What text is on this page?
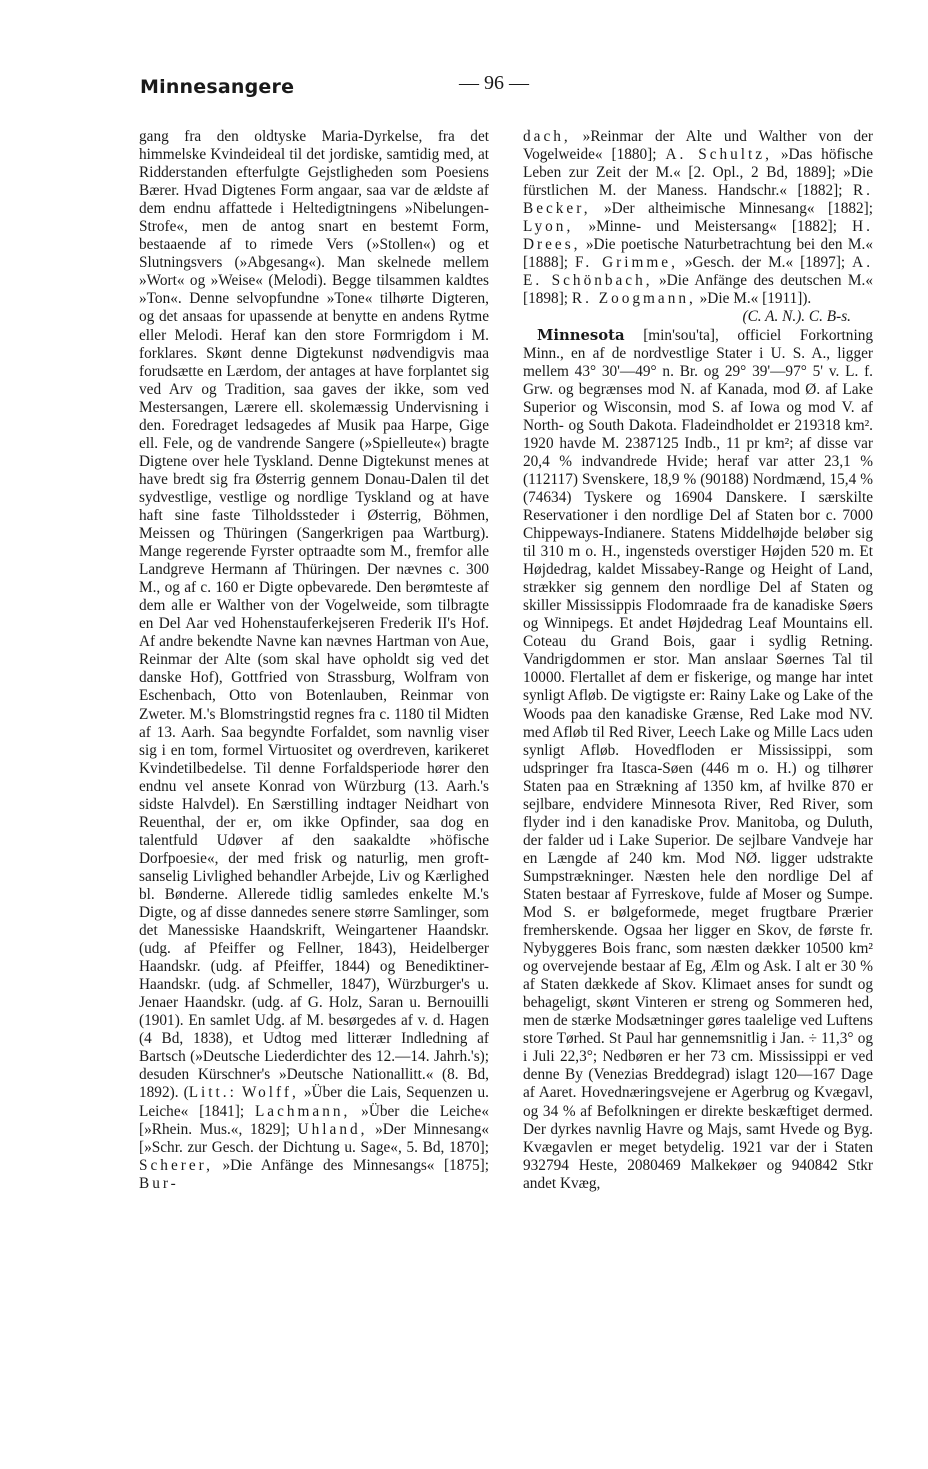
Minnesangere	— 96 —

gang fra den oldtyske Maria-Dyrkelse, fra det himmelske Kvindeideal til det jordiske, samtidig med, at Ridderstanden efterfulgte Gejstligheden som Poesiens Bærer. Hvad Digtenes Form angaar, saa var de ældste af dem endnu affattede i Heltedigtningens »Nibelungen-Strofe«, men de antog snart en bestemt Form, bestaaende af to rimede Vers (»Stollen«) og et Slutningsvers (»Abgesang«). Man skelnede mellem »Wort« og »Weise« (Melodi). Begge tilsammen kaldtes »Ton«. Denne selvopfundne »Tone« tilhørte Digteren, og det ansaas for upassende at benytte en andens Rytme eller Melodi. Heraf kan den store Formrigdom i M. forklares. Skønt denne Digtekunst nødvendigvis maa forudsætte en Lærdom, der antages at have forplantet sig ved Arv og Tradition, saa gaves der ikke, som ved Mestersangen, Lærere ell. skolemæssig Undervisning i den. Foredraget ledsagedes af Musik paa Harpe, Gige ell. Fele, og de vandrende Sangere (»Spielleute«) bragte Digtene over hele Tyskland. Denne Digtekunst menes at have bredt sig fra Østerrig gennem Donau-Dalen til det sydvestlige, vestlige og nordlige Tyskland og at have haft sine faste Tilholdssteder i Østerrig, Böhmen, Meissen og Thüringen (Sangerkrigen paa Wartburg). Mange regerende Fyrster optraadte som M., fremfor alle Landgreve Hermann af Thüringen. Der nævnes c. 300 M., og af c. 160 er Digte opbevarede. Den berømteste af dem alle er Walther von der Vogelweide, som tilbragte en Del Aar ved Hohenstauferkejseren Frederik II's Hof. Af andre bekendte Navne kan nævnes Hartman von Aue, Reinmar der Alte (som skal have opholdt sig ved det danske Hof), Gottfried von Strassburg, Wolfram von Eschenbach, Otto von Botenlauben, Reinmar von Zweter. M.'s Blomstringstid regnes fra c. 1180 til Midten af 13. Aarh. Saa begyndte Forfaldet, som navnlig viser sig i en tom, formel Virtuositet og overdreven, karikeret Kvindetilbedelse. Til denne Forfaldsperiode hører den endnu vel ansete Konrad von Würzburg (13. Aarh.'s sidste Halvdel). En Særstilling indtager Neidhart von Reuenthal, der er, om ikke Opfinder, saa dog en talentfuld Udøver af den saakaldte »höfische Dorfpoesie«, der med frisk og naturlig, men groft-sanselig Livlighed behandler Arbejde, Liv og Kærlighed bl. Bønderne. Allerede tidlig samledes enkelte M.'s Digte, og af disse dannedes senere større Samlinger, som det Manessiske Haandskrift, Weingartener Haandskr. (udg. af Pfeiffer og Fellner, 1843), Heidelberger Haandskr. (udg. af Pfeiffer, 1844) og Benediktiner-Haandskr. (udg. af Schmeller, 1847), Würzburger's u. Jenaer Haandskr. (udg. af G. Holz, Saran u. Bernouilli (1901). En samlet Udg. af M. besørgedes af v. d. Hagen (4 Bd, 1838), et Udtog med litterær Indledning af Bartsch (»Deutsche Liederdichter des 12.—14. Jahrh.'s); desuden Kürschner's »Deutsche Nationallitt.« (8. Bd, 1892). (Litt.: Wolff, »Über die Lais, Sequenzen u. Leiche« [1841]; Lachmann, »Über die Leiche« [»Rhein. Mus.«, 1829]; Uhland, »Der Minnesang« [»Schr. zur Gesch. der Dichtung u. Sage«, 5. Bd, 1870]; Scherer, »Die Anfänge des Minnesangs« [1875]; Bur-

dach, »Reinmar der Alte und Walther von der Vogelweide« [1880]; A. Schultz, »Das höfische Leben zur Zeit der M.« [2. Opl., 2 Bd, 1889]; »Die fürstlichen M. der Maness. Handschr.« [1882]; R. Becker, »Der altheimische Minnesang« [1882]; Lyon, »Minne- und Meistersang« [1882]; H. Drees, »Die poetische Naturbetrachtung bei den M.« [1888]; F. Grimme, »Gesch. der M.« [1897]; A. E. Schönbach, »Die Anfänge des deutschen M.« [1898]; R. Zoogmann, »Die M.« [1911]).

(C. A. N.). C. B-s.

Minnesota [min'sou'ta], officiel Forkortning Minn., en af de nordvestlige Stater i U. S. A., ligger mellem 43° 30'—49° n. Br. og 29° 39'—97° 5' v. L. f. Grw. og begrænses mod N. af Kanada, mod Ø. af Lake Superior og Wisconsin, mod S. af Iowa og mod V. af North- og South Dakota. Fladeindholdet er 219318 km². 1920 havde M. 2387125 Indb., 11 pr km²; af disse var 20,4 % indvandrede Hvide; heraf var atter 23,1 % (112117) Svenskere, 18,9 % (90188) Nordmænd, 15,4 % (74634) Tyskere og 16904 Danskere. I særskilte Reservationer i den nordlige Del af Staten bor c. 7000 Chippeways-Indianere. Statens Middelhøjde beløber sig til 310 m o. H., ingensteds overstiger Højden 520 m. Et Højdedrag, kaldet Missabey-Range og Height of Land, strækker sig gennem den nordlige Del af Staten og skiller Mississippis Flodomraade fra de kanadiske Søers og Winnipegs. Et andet Højdedrag Leaf Mountains ell. Coteau du Grand Bois, gaar i sydlig Retning. Vandrigdommen er stor. Man anslaar Søernes Tal til 10000. Flertallet af dem er fiskerige, og mange har intet synligt Afløb. De vigtigste er: Rainy Lake og Lake of the Woods paa den kanadiske Grænse, Red Lake mod NV. med Afløb til Red River, Leech Lake og Mille Lacs uden synligt Afløb. Hovedfloden er Mississippi, som udspringer fra Itasca-Søen (446 m o. H.) og tilhører Staten paa en Strækning af 1350 km, af hvilke 870 er sejlbare, endvidere Minnesota River, Red River, som flyder ind i den kanadiske Prov. Manitoba, og Duluth, der falder ud i Lake Superior. De sejlbare Vandveje har en Længde af 240 km. Mod NØ. ligger udstrakte Sumpstrækninger. Næsten hele den nordlige Del af Staten bestaar af Fyrreskove, fulde af Moser og Sumpe. Mod S. er bølgeformede, meget frugtbare Prærier fremherskende. Ogsaa her ligger en Skov, de første fr. Nybyggeres Bois franc, som næsten dækker 10500 km² og overvejende bestaar af Eg, Ælm og Ask. I alt er 30 % af Staten dækkede af Skov. Klimaet anses for sundt og behageligt, skønt Vinteren er streng og Sommeren hed, men de stærke Modsætninger gøres taalelige ved Luftens store Tørhed. St Paul har gennemsnitlig i Jan. ÷ 11,3° og i Juli 22,3°; Nedbøren er her 73 cm. Mississippi er ved denne By (Venezias Breddegrad) islagt 120—167 Dage af Aaret. Hovednæringsvejene er Agerbrug og Kvægavl, og 34 % af Befolkningen er direkte beskæftiget dermed. Der dyrkes navnlig Havre og Majs, samt Hvede og Byg. Kvægavlen er meget betydelig. 1921 var der i Staten 932794 Heste, 2080469 Malkekøer og 940842 Stkr andet Kvæg,
